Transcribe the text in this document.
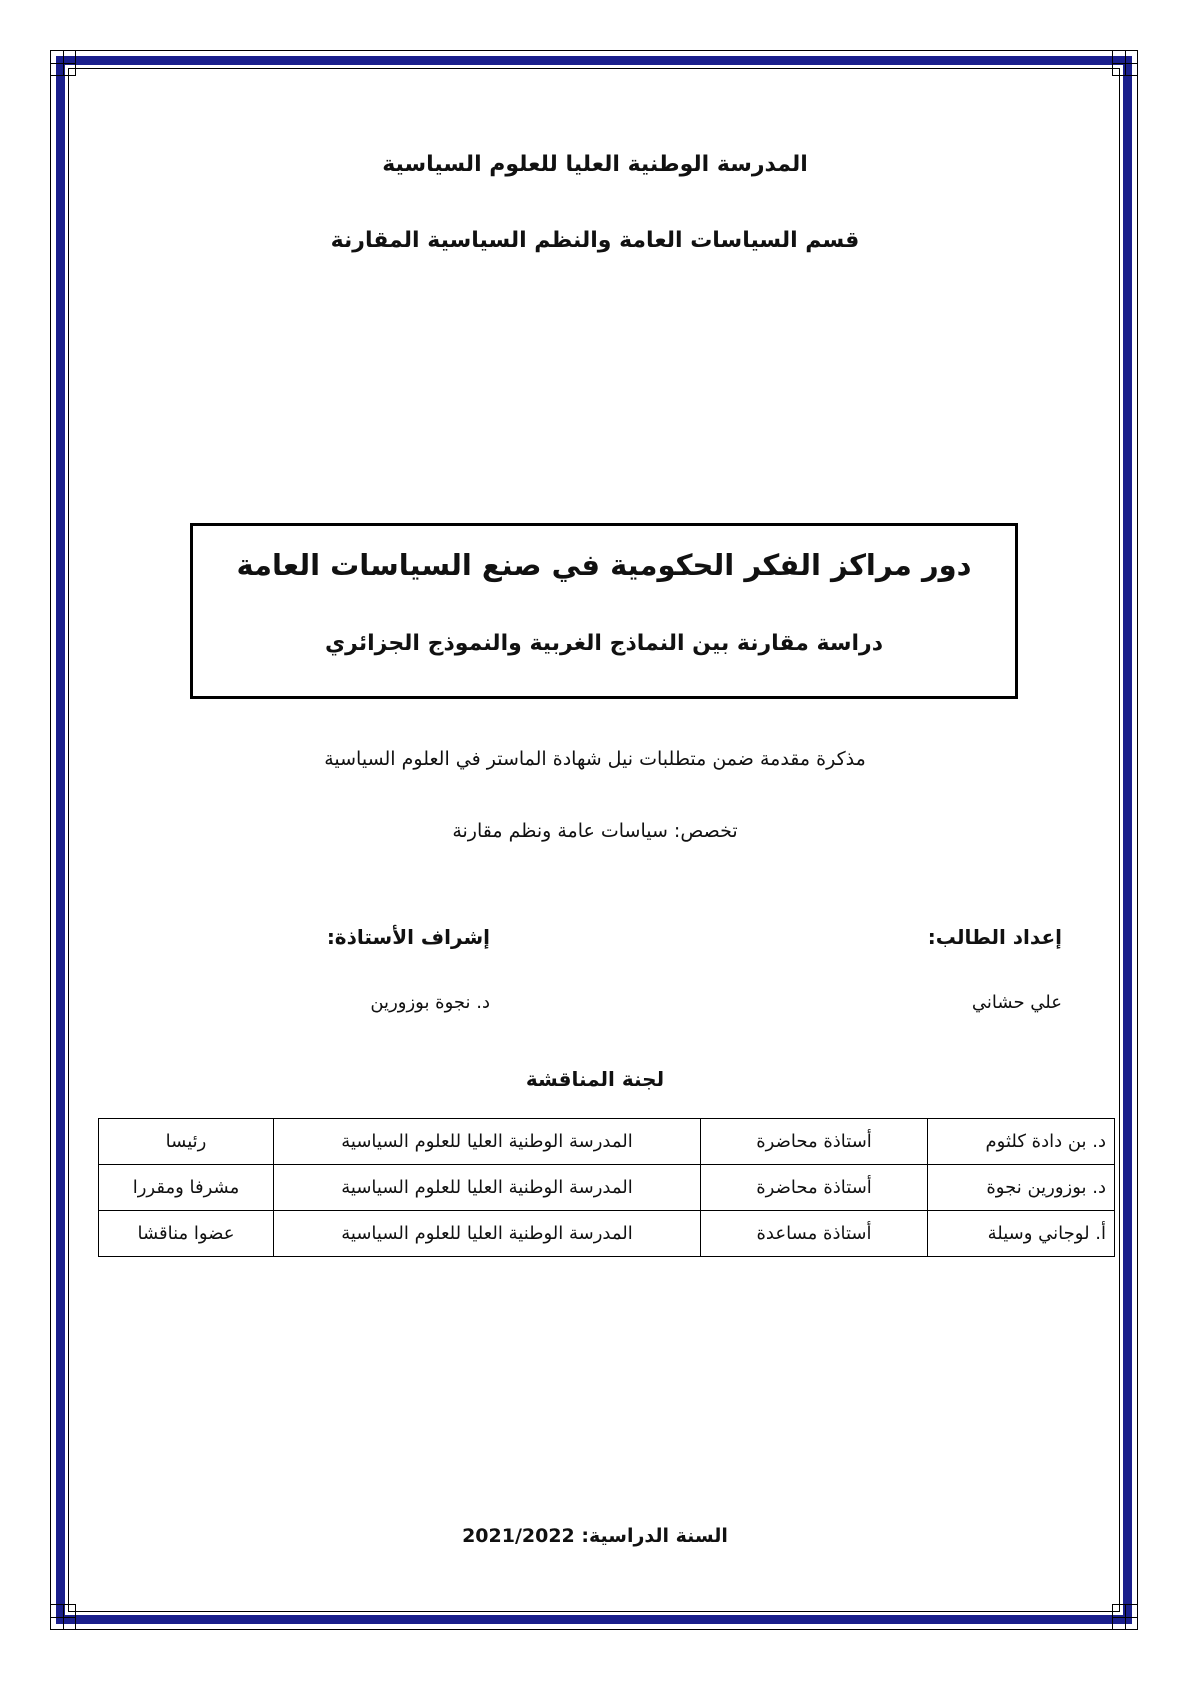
المدرسة الوطنية العليا للعلوم السياسية
قسم السياسات العامة والنظم السياسية المقارنة
دور مراكز الفكر الحكومية في صنع السياسات العامة
دراسة مقارنة بين النماذج الغربية والنموذج الجزائري
مذكرة مقدمة ضمن متطلبات نيل شهادة الماستر في العلوم السياسية
تخصص: سياسات عامة ونظم مقارنة
إعداد الطالب:
إشراف الأستاذة:
علي حشاني
د. نجوة بوزورين
لجنة المناقشة
د. بن دادة كلثوم	أستاذة محاضرة	المدرسة الوطنية العليا للعلوم السياسية	رئيسا
د. بوزورين نجوة	أستاذة محاضرة	المدرسة الوطنية العليا للعلوم السياسية	مشرفا ومقررا
أ. لوجاني وسيلة	أستاذة مساعدة	المدرسة الوطنية العليا للعلوم السياسية	عضوا مناقشا
السنة الدراسية: 2021/2022
